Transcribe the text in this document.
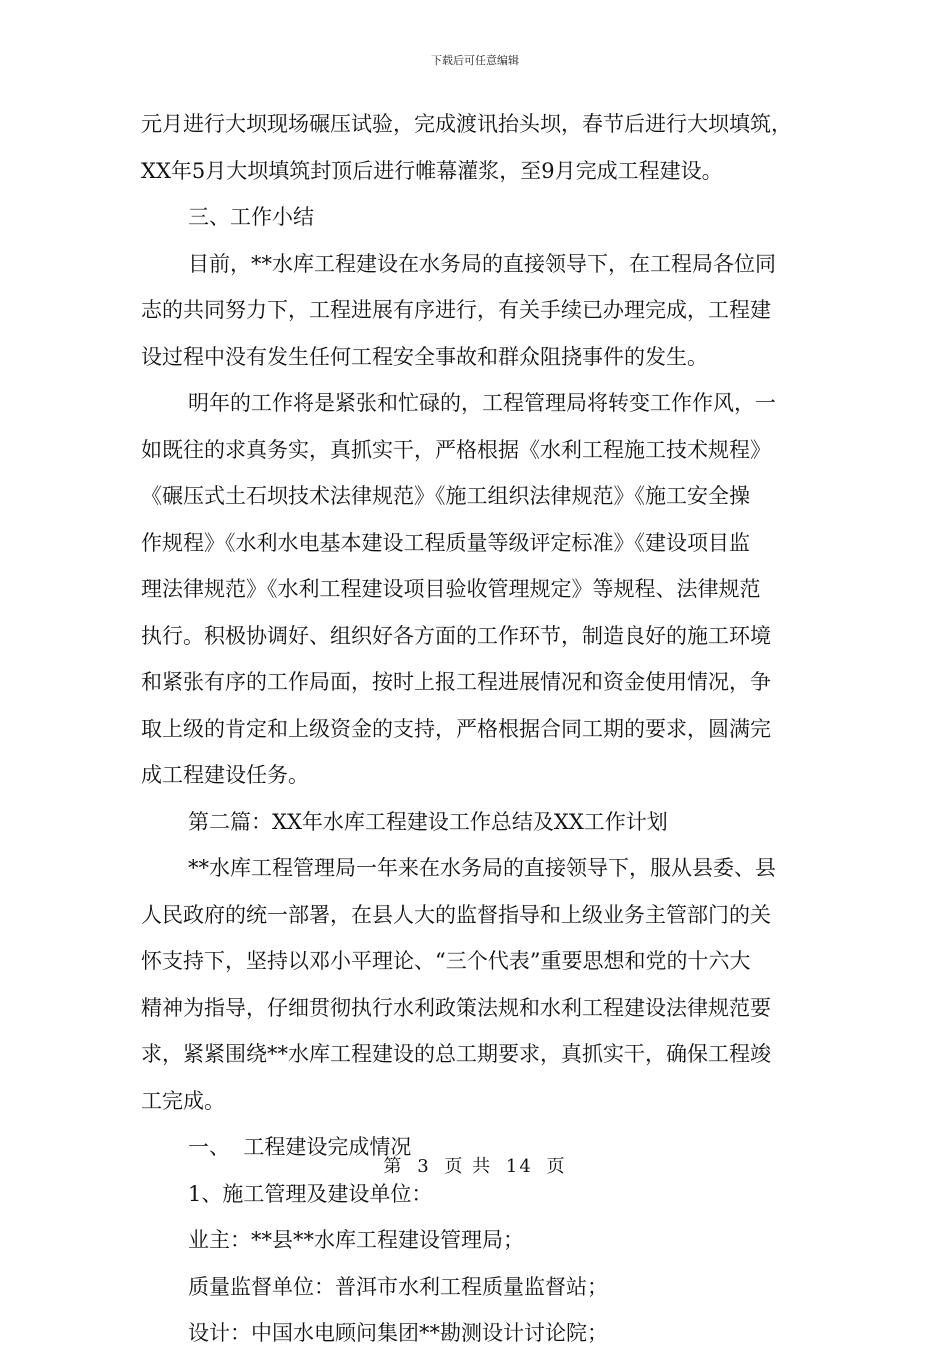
下载后可任意编辑
元月进行大坝现场碾压试验，完成渡讯抬头坝，春节后进行大坝填筑，
XX年5月大坝填筑封顶后进行帷幕灌浆，至9月完成工程建设。
三、工作小结
目前，**水库工程建设在水务局的直接领导下，在工程局各位同
志的共同努力下，工程进展有序进行，有关手续已办理完成，工程建
设过程中没有发生任何工程安全事故和群众阻挠事件的发生。
明年的工作将是紧张和忙碌的，工程管理局将转变工作作风，一
如既往的求真务实，真抓实干，严格根据《水利工程施工技术规程》
《碾压式土石坝技术法律规范》《施工组织法律规范》《施工安全操
作规程》《水利水电基本建设工程质量等级评定标准》《建设项目监
理法律规范》《水利工程建设项目验收管理规定》等规程、法律规范
执行。积极协调好、组织好各方面的工作环节，制造良好的施工环境
和紧张有序的工作局面，按时上报工程进展情况和资金使用情况，争
取上级的肯定和上级资金的支持，严格根据合同工期的要求，圆满完
成工程建设任务。
第二篇：XX年水库工程建设工作总结及XX工作计划
**水库工程管理局一年来在水务局的直接领导下，服从县委、县
人民政府的统一部署，在县人大的监督指导和上级业务主管部门的关
怀支持下，坚持以邓小平理论、“三个代表”重要思想和党的十六大
精神为指导，仔细贯彻执行水利政策法规和水利工程建设法律规范要
求，紧紧围绕**水库工程建设的总工期要求，真抓实干，确保工程竣
工完成。
一、  工程建设完成情况
1、施工管理及建设单位：
业主：**县**水库工程建设管理局；
质量监督单位：普洱市水利工程质量监督站；
设计：中国水电顾问集团**勘测设计讨论院；
第 3 页 共 14 页
